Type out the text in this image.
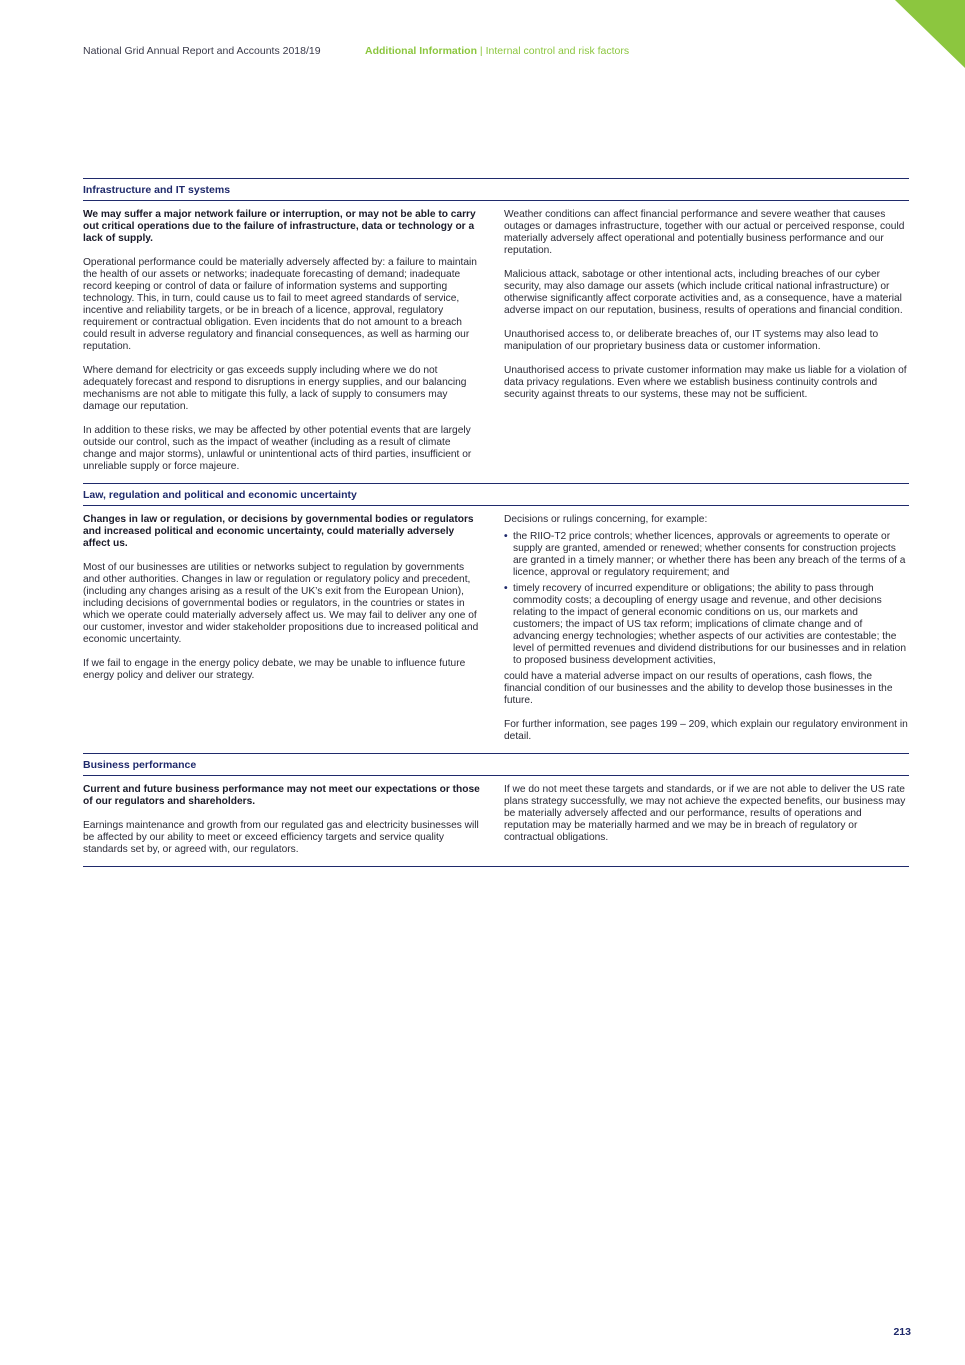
National Grid Annual Report and Accounts 2018/19	Additional Information | Internal control and risk factors
Infrastructure and IT systems

We may suffer a major network failure or interruption, or may not be able to carry out critical operations due to the failure of infrastructure, data or technology or a lack of supply.

Operational performance could be materially adversely affected by: a failure to maintain the health of our assets or networks; inadequate forecasting of demand; inadequate record keeping or control of data or failure of information systems and supporting technology. This, in turn, could cause us to fail to meet agreed standards of service, incentive and reliability targets, or be in breach of a licence, approval, regulatory requirement or contractual obligation. Even incidents that do not amount to a breach could result in adverse regulatory and financial consequences, as well as harming our reputation.

Where demand for electricity or gas exceeds supply including where we do not adequately forecast and respond to disruptions in energy supplies, and our balancing mechanisms are not able to mitigate this fully, a lack of supply to consumers may damage our reputation.

In addition to these risks, we may be affected by other potential events that are largely outside our control, such as the impact of weather (including as a result of climate change and major storms), unlawful or unintentional acts of third parties, insufficient or unreliable supply or force majeure.

Weather conditions can affect financial performance and severe weather that causes outages or damages infrastructure, together with our actual or perceived response, could materially adversely affect operational and potentially business performance and our reputation.

Malicious attack, sabotage or other intentional acts, including breaches of our cyber security, may also damage our assets (which include critical national infrastructure) or otherwise significantly affect corporate activities and, as a consequence, have a material adverse impact on our reputation, business, results of operations and financial condition.

Unauthorised access to, or deliberate breaches of, our IT systems may also lead to manipulation of our proprietary business data or customer information.

Unauthorised access to private customer information may make us liable for a violation of data privacy regulations. Even where we establish business continuity controls and security against threats to our systems, these may not be sufficient.

Law, regulation and political and economic uncertainty

Changes in law or regulation, or decisions by governmental bodies or regulators and increased political and economic uncertainty, could materially adversely affect us.

Most of our businesses are utilities or networks subject to regulation by governments and other authorities. Changes in law or regulation or regulatory policy and precedent, (including any changes arising as a result of the UK’s exit from the European Union), including decisions of governmental bodies or regulators, in the countries or states in which we operate could materially adversely affect us. We may fail to deliver any one of our customer, investor and wider stakeholder propositions due to increased political and economic uncertainty.

If we fail to engage in the energy policy debate, we may be unable to influence future energy policy and deliver our strategy.

Decisions or rulings concerning, for example:

• the RIIO-T2 price controls; whether licences, approvals or agreements to operate or supply are granted, amended or renewed; whether consents for construction projects are granted in a timely manner; or whether there has been any breach of the terms of a licence, approval or regulatory requirement; and
• timely recovery of incurred expenditure or obligations; the ability to pass through commodity costs; a decoupling of energy usage and revenue, and other decisions relating to the impact of general economic conditions on us, our markets and customers; the impact of US tax reform; implications of climate change and of advancing energy technologies; whether aspects of our activities are contestable; the level of permitted revenues and dividend distributions for our businesses and in relation to proposed business development activities,

could have a material adverse impact on our results of operations, cash flows, the financial condition of our businesses and the ability to develop those businesses in the future.

For further information, see pages 199 – 209, which explain our regulatory environment in detail.

Business performance

Current and future business performance may not meet our expectations or those of our regulators and shareholders.

Earnings maintenance and growth from our regulated gas and electricity businesses will be affected by our ability to meet or exceed efficiency targets and service quality standards set by, or agreed with, our regulators.

If we do not meet these targets and standards, or if we are not able to deliver the US rate plans strategy successfully, we may not achieve the expected benefits, our business may be materially adversely affected and our performance, results of operations and reputation may be materially harmed and we may be in breach of regulatory or contractual obligations.

213
